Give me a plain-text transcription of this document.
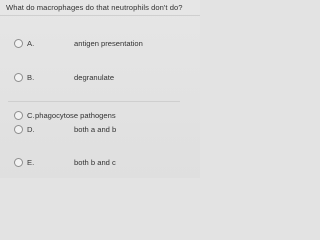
What do macrophages do that neutrophils don't do?
A.	antigen presentation
B.	degranulate
C. phagocytose pathogens
D.	both a and b
E.	both b and c
